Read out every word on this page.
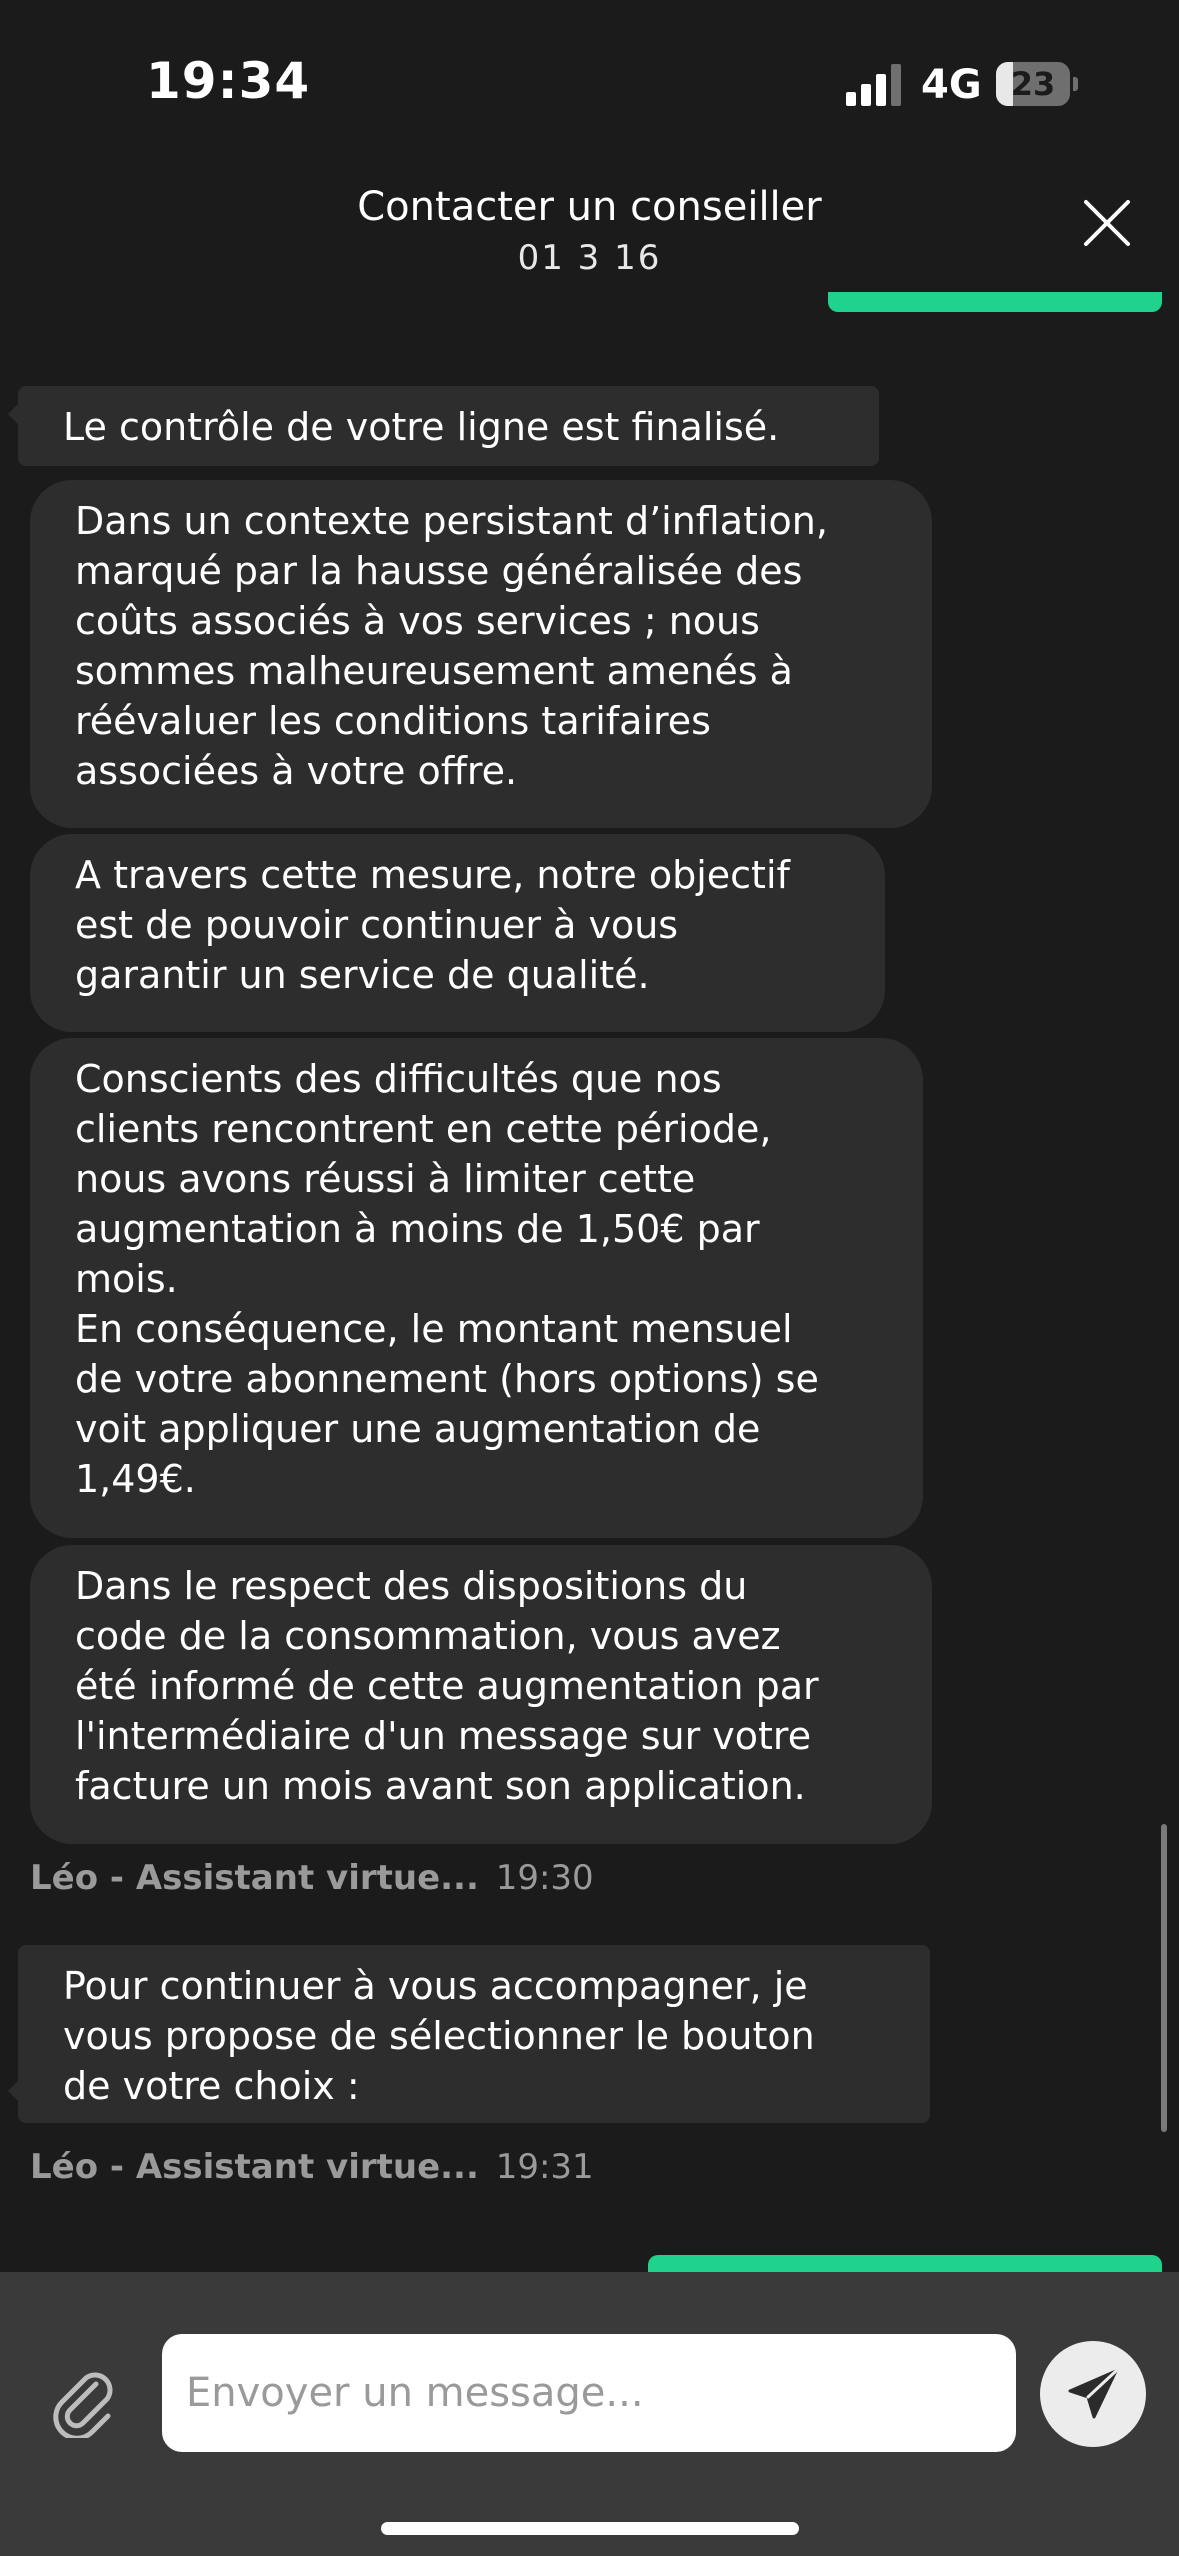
19:34	4G 23
Contacter un conseiller
01 3 16
Le contrôle de votre ligne est finalisé.
Dans un contexte persistant d’inflation,
marqué par la hausse généralisée des
coûts associés à vos services ; nous
sommes malheureusement amenés à
réévaluer les conditions tarifaires
associées à votre offre.
A travers cette mesure, notre objectif
est de pouvoir continuer à vous
garantir un service de qualité.
Conscients des difficultés que nos
clients rencontrent en cette période,
nous avons réussi à limiter cette
augmentation à moins de 1,50€ par
mois.
En conséquence, le montant mensuel
de votre abonnement (hors options) se
voit appliquer une augmentation de
1,49€.
Dans le respect des dispositions du
code de la consommation, vous avez
été informé de cette augmentation par
l'intermédiaire d'un message sur votre
facture un mois avant son application.
Léo - Assistant virtue... 19:30
Pour continuer à vous accompagner, je
vous propose de sélectionner le bouton
de votre choix :
Léo - Assistant virtue... 19:31
Envoyer un message...
